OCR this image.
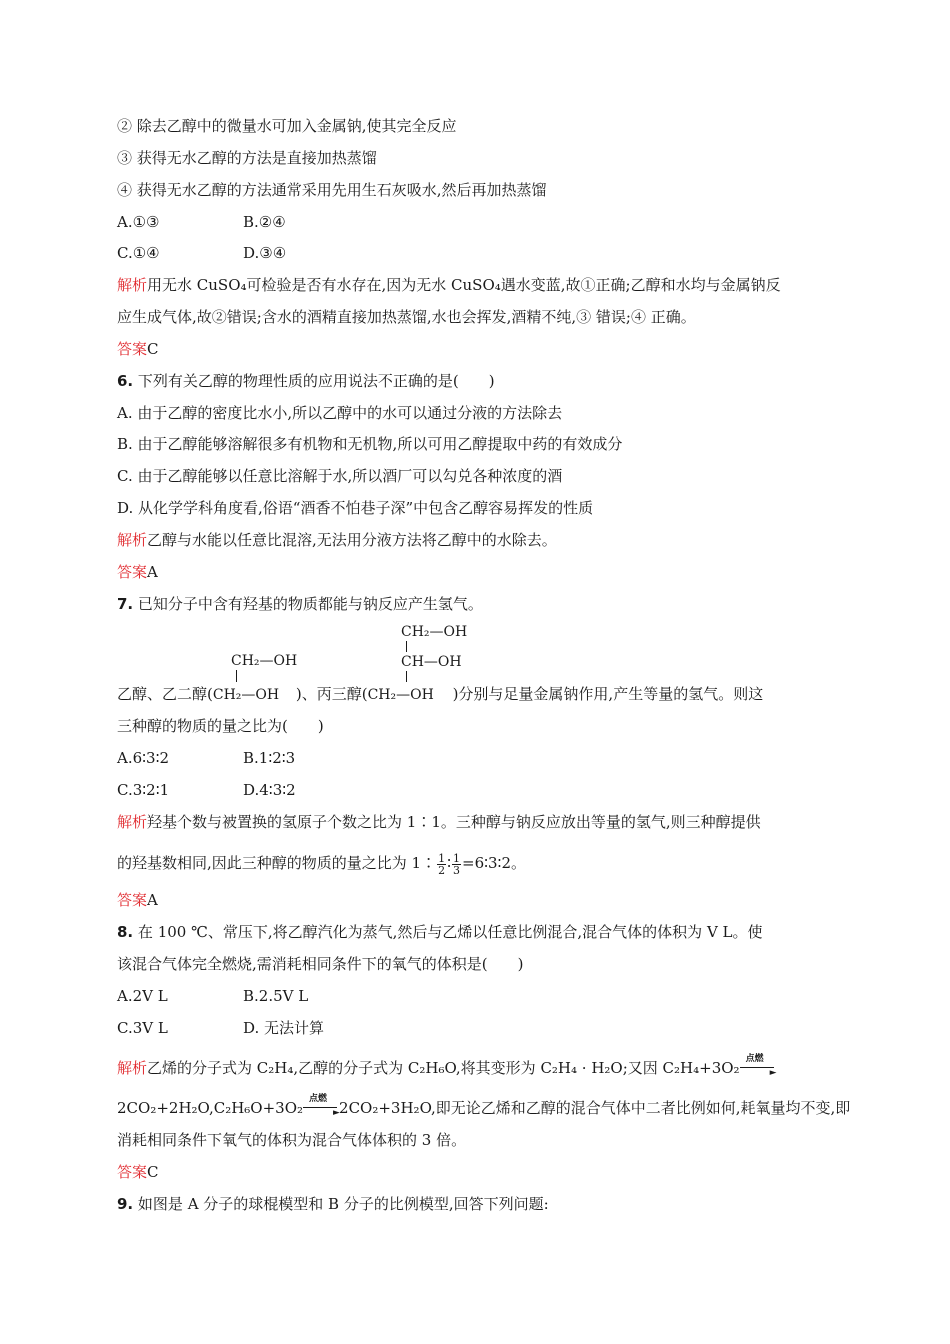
② 除去乙醇中的微量水可加入金属钠,使其完全反应
③ 获得无水乙醇的方法是直接加热蒸馏
④ 获得无水乙醇的方法通常采用先用生石灰吸水,然后再加热蒸馏
A.①③	B.②④
C.①④	D.③④
解析用无水 CuSO₄可检验是否有水存在,因为无水 CuSO₄遇水变蓝,故①正确;乙醇和水均与金属钠反
应生成气体,故②错误;含水的酒精直接加热蒸馏,水也会挥发,酒精不纯,③ 错误;④ 正确。
答案C
6. 下列有关乙醇的物理性质的应用说法不正确的是(　　)
A. 由于乙醇的密度比水小,所以乙醇中的水可以通过分液的方法除去
B. 由于乙醇能够溶解很多有机物和无机物,所以可用乙醇提取中药的有效成分
C. 由于乙醇能够以任意比溶解于水,所以酒厂可以勾兑各种浓度的酒
D. 从化学学科角度看,俗语“酒香不怕巷子深”中包含乙醇容易挥发的性质
解析乙醇与水能以任意比混溶,无法用分液方法将乙醇中的水除去。
答案A
7. 已知分子中含有羟基的物质都能与钠反应产生氢气。
CH₂—OH
CH—OH
CH₂—OH
乙醇、乙二醇(CH₂—OH )、丙三醇(CH₂—OH )分别与足量金属钠作用,产生等量的氢气。则这
三种醇的物质的量之比为(　　)
A.6∶3∶2	B.1∶2∶3
C.3∶2∶1	D.4∶3∶2
解析羟基个数与被置换的氢原子个数之比为 1∶1。三种醇与钠反应放出等量的氢气,则三种醇提供
的羟基数相同,因此三种醇的物质的量之比为 1∶ $\frac{1}{2}$ ∶ $\frac{1}{3}$ =6∶3∶2。
答案A
8. 在 100 ℃、常压下,将乙醇汽化为蒸气,然后与乙烯以任意比例混合,混合气体的体积为 V L。使
该混合气体完全燃烧,需消耗相同条件下的氧气的体积是(　　)
A.2V L	B.2.5V L
C.3V L	D. 无法计算
解析乙烯的分子式为 C₂H₄,乙醇的分子式为 C₂H₆O,将其变形为 C₂H₄ · H₂O;又因 C₂H₄+3O₂ 点燃
►
2CO₂+2H₂O,C₂H₆O+3O₂ 点燃
► 2CO₂+3H₂O,即无论乙烯和乙醇的混合气体中二者比例如何,耗氧量均不变,即
消耗相同条件下氧气的体积为混合气体体积的 3 倍。
答案C
9. 如图是 A 分子的球棍模型和 B 分子的比例模型,回答下列问题:
